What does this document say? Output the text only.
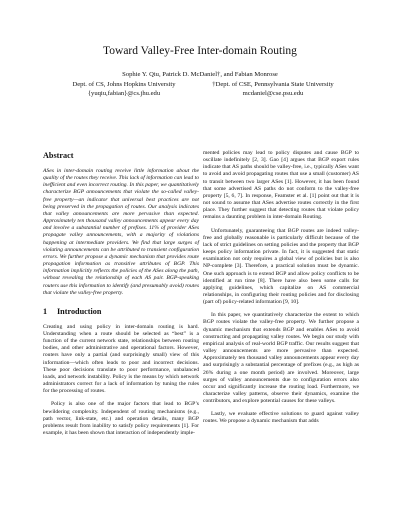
Toward Valley-Free Inter-domain Routing
Sophie Y. Qiu, Patrick D. McDaniel†, and Fabian Monrose
Dept. of CS, Johns Hopkins University
{yuqiu,fabian}@cs.jhu.edu
†Dept. of CSE, Pennsylvania State University
mcdaniel@cse.psu.edu
Abstract

ASes in inter-domain routing receive little information about the quality of the routes they receive. This lack of information can lead to inefficient and even incorrect routing. In this paper, we quantitatively characterize BGP announcements that violate the so-called valley-free property—an indicator that universal best practices are not being preserved in the propagation of routes. Our analysis indicates that valley announcements are more pervasive than expected. Approximately ten thousand valley announcements appear every day and involve a substantial number of prefixes. 11% of provider ASes propagate valley announcements, with a majority of violations happening at intermediate providers. We find that large surges of violating announcements can be attributed to transient configuration errors. We further propose a dynamic mechanism that provides route propagation information as transitive attributes of BGP. This information implicitly reflects the policies of the ASes along the path, without revealing the relationship of each AS pair. BGP-speaking routers use this information to identify (and presumably avoid) routes that violate the valley-free property.

1 Introduction

Creating and using policy in inter-domain routing is hard. Understanding when a route should be selected as “best” is a function of the current network state, relationships between routing bodies, and other administrative and operational factors. However, routers have only a partial (and surprisingly small) view of this information—which often leads to poor and incorrect decisions. These poor decisions translate to poor performance, unbalanced loads, and network instability. Policy is the means by which network administrators correct for a lack of information by tuning the rules for the processing of routes.

Policy is also one of the major factors that lead to BGP’s bewildering complexity. Independent of routing mechanisms (e.g., path vector, link-state, etc.) and operation details, many BGP problems result from inability to satisfy policy requirements [1]. For example, it has been shown that interaction of independently imple-

mented policies may lead to policy disputes and cause BGP to oscillate indefinitely [2, 3]. Gao [4] argues that BGP export rules indicate that AS paths should be valley-free, i.e., typically ASes want to avoid and avoid propagating routes that use a small (customer) AS to transit between two larger ASes [1]. However, it has been found that some advertised AS paths do not conform to the valley-free property [5, 6, 7]. In response, Feamster et al. [1] point out that it is not sound to assume that ASes advertise routes correctly in the first place. They further suggest that detecting routes that violate policy remains a daunting problem in inter-domain Routing.

Unfortunately, guaranteeing that BGP routes are indeed valley-free and globally reasonable is particularly difficult because of the lack of strict guidelines on setting policies and the property that BGP keeps policy information private. In fact, it is suggested that static examination not only requires a global view of policies but is also NP-complete [3]. Therefore, a practical solution must be dynamic. One such approach is to extend BGP and allow policy conflicts to be identified at run time [8]. There have also been some calls for applying guidelines, which capitalize on AS commercial relationships, in configuring their routing policies and for disclosing (part of) policy-related information [9, 10].

In this paper, we quantitatively characterize the extent to which BGP routes violate the valley-free property. We further propose a dynamic mechanism that extends BGP and enables ASes to avoid constructing and propagating valley routes. We begin our study with empirical analysis of real-world BGP traffic. Our results suggest that valley announcements are more pervasive than expected. Approximately ten thousand valley announcements appear every day and surprisingly a substantial percentage of prefixes (e.g., as high as 26% during a one month period) are involved. Moreover, large surges of valley announcements due to configuration errors also occur and significantly increase the routing load. Furthermore, we characterize valley patterns, observe their dynamics, examine the contributors, and explore potential causes for these valleys.

Lastly, we evaluate effective solutions to guard against valley routes. We propose a dynamic mechanism that adds
